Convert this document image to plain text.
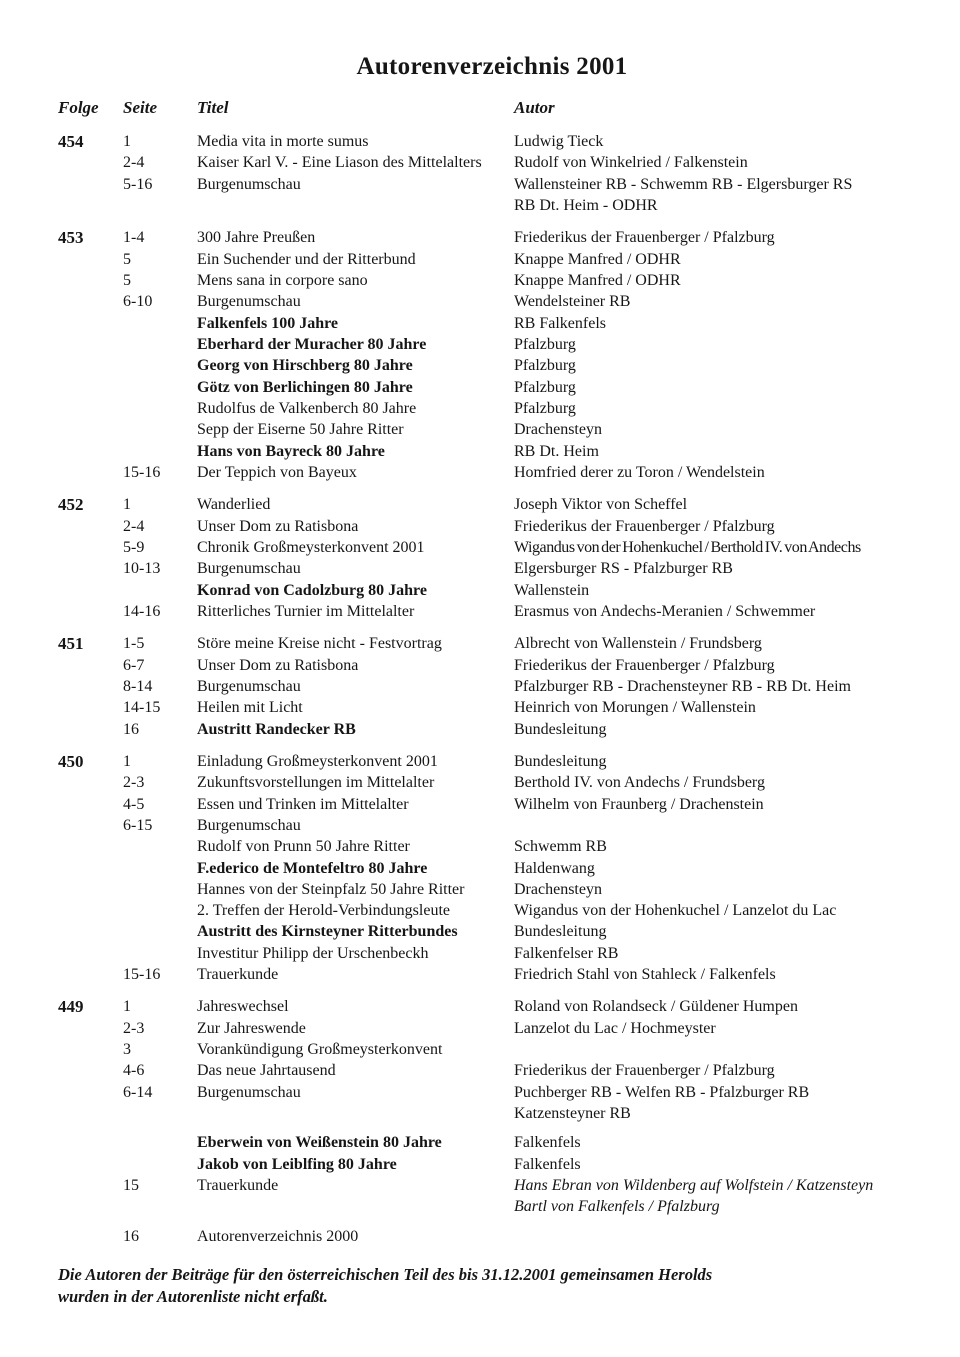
Autorenverzeichnis 2001
Folge	Seite	Titel	Autor
454	1	Media vita in morte sumus	Ludwig Tieck
2-4	Kaiser Karl V. - Eine Liason des Mittelalters	Rudolf von Winkelried / Falkenstein
5-16	Burgenumschau	Wallensteiner RB - Schwemm RB - Elgersburger RS
RB Dt. Heim - ODHR
453	1-4	300 Jahre Preußen	Friederikus der Frauenberger / Pfalzburg
5	Ein Suchender und der Ritterbund	Knappe Manfred / ODHR
5	Mens sana in corpore sano	Knappe Manfred / ODHR
6-10	Burgenumschau	Wendelsteiner RB
Falkenfels 100 Jahre	RB Falkenfels
Eberhard der Muracher 80 Jahre	Pfalzburg
Georg von Hirschberg 80 Jahre	Pfalzburg
Götz von Berlichingen 80 Jahre	Pfalzburg
Rudolfus de Valkenberch 80 Jahre	Pfalzburg
Sepp der Eiserne 50 Jahre Ritter	Drachensteyn
Hans von Bayreck 80 Jahre	RB Dt. Heim
15-16	Der Teppich von Bayeux	Homfried derer zu Toron / Wendelstein
452	1	Wanderlied	Joseph Viktor von Scheffel
2-4	Unser Dom zu Ratisbona	Friederikus der Frauenberger / Pfalzburg
5-9	Chronik Großmeysterkonvent 2001	Wigandus von der Hohenkuchel / Berthold IV. von Andechs
10-13	Burgenumschau	Elgersburger RS - Pfalzburger RB
Konrad von Cadolzburg 80 Jahre	Wallenstein
14-16	Ritterliches Turnier im Mittelalter	Erasmus von Andechs-Meranien / Schwemmer
451	1-5	Störe meine Kreise nicht - Festvortrag	Albrecht von Wallenstein / Frundsberg
6-7	Unser Dom zu Ratisbona	Friederikus der Frauenberger / Pfalzburg
8-14	Burgenumschau	Pfalzburger RB - Drachensteyner RB - RB Dt. Heim
14-15	Heilen mit Licht	Heinrich von Morungen / Wallenstein
16	Austritt Randecker RB	Bundesleitung
450	1	Einladung Großmeysterkonvent 2001	Bundesleitung
2-3	Zukunftsvorstellungen im Mittelalter	Berthold IV. von Andechs / Frundsberg
4-5	Essen und Trinken im Mittelalter	Wilhelm von Fraunberg / Drachenstein
6-15	Burgenumschau
Rudolf von Prunn 50 Jahre Ritter	Schwemm RB
F.ederico de Montefeltro 80 Jahre	Haldenwang
Hannes von der Steinpfalz 50 Jahre Ritter	Drachensteyn
2. Treffen der Herold-Verbindungsleute	Wigandus von der Hohenkuchel / Lanzelot du Lac
Austritt des Kirnsteyner Ritterbundes	Bundesleitung
Investitur Philipp der Urschenbeckh	Falkenfelser RB
15-16	Trauerkunde	Friedrich Stahl von Stahleck / Falkenfels
449	1	Jahreswechsel	Roland von Rolandseck / Güldener Humpen
2-3	Zur Jahreswende	Lanzelot du Lac / Hochmeyster
3	Vorankündigung Großmeysterkonvent
4-6	Das neue Jahrtausend	Friederikus der Frauenberger / Pfalzburg
6-14	Burgenumschau	Puchberger RB - Welfen RB - Pfalzburger RB
Katzensteyner RB
Eberwein von Weißenstein 80 Jahre	Falkenfels
Jakob von Leiblfing 80 Jahre	Falkenfels
15	Trauerkunde	Hans Ebran von Wildenberg auf Wolfstein / Katzensteyn
Bartl von Falkenfels / Pfalzburg
16	Autorenverzeichnis 2000
Die Autoren der Beiträge für den österreichischen Teil des bis 31.12.2001 gemeinsamen Herolds
wurden in der Autorenliste nicht erfaßt.
